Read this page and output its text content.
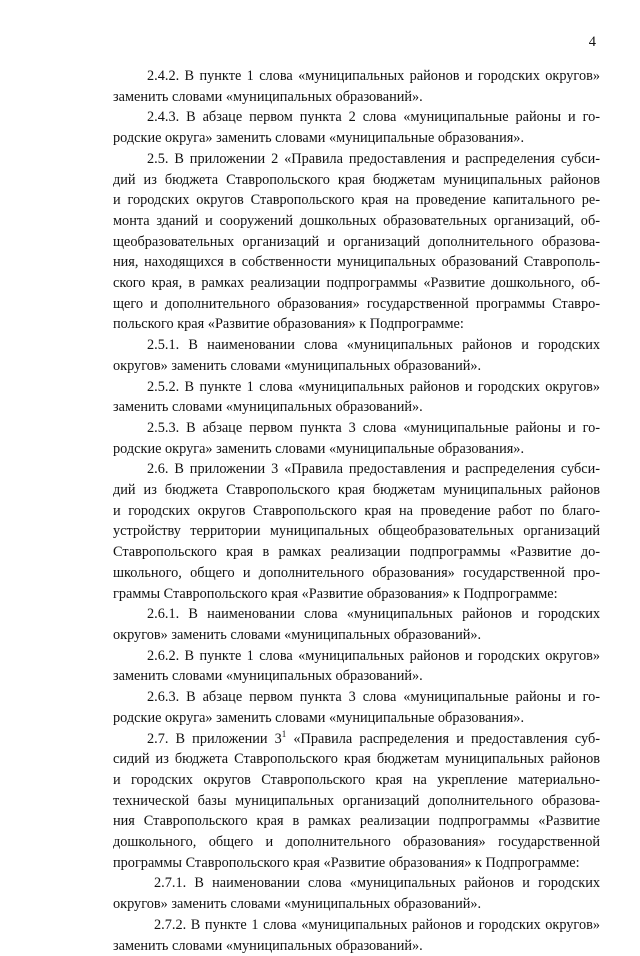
4
2.4.2. В пункте 1 слова «муниципальных районов и городских округов»
заменить словами «муниципальных образований».
2.4.3. В абзаце первом пункта 2 слова «муниципальные районы и го-
родские округа» заменить словами «муниципальные образования».
2.5. В приложении 2 «Правила предоставления и распределения субси-
дий из бюджета Ставропольского края бюджетам муниципальных районов
и городских округов Ставропольского края на проведение капитального ре-
монта зданий и сооружений дошкольных образовательных организаций, об-
щеобразовательных организаций и организаций дополнительного образова-
ния, находящихся в собственности муниципальных образований Ставрополь-
ского края, в рамках реализации подпрограммы «Развитие дошкольного, об-
щего и дополнительного образования» государственной программы Ставро-
польского края «Развитие образования» к Подпрограмме:
2.5.1. В наименовании слова «муниципальных районов и городских
округов» заменить словами «муниципальных образований».
2.5.2. В пункте 1 слова «муниципальных районов и городских округов»
заменить словами «муниципальных образований».
2.5.3. В абзаце первом пункта 3 слова «муниципальные районы и го-
родские округа» заменить словами «муниципальные образования».
2.6. В приложении 3 «Правила предоставления и распределения субси-
дий из бюджета Ставропольского края бюджетам муниципальных районов
и городских округов Ставропольского края на проведение работ по благо-
устройству территории муниципальных общеобразовательных организаций
Ставропольского края в рамках реализации подпрограммы «Развитие до-
школьного, общего и дополнительного образования» государственной про-
граммы Ставропольского края «Развитие образования» к Подпрограмме:
2.6.1. В наименовании слова «муниципальных районов и городских
округов» заменить словами «муниципальных образований».
2.6.2. В пункте 1 слова «муниципальных районов и городских округов»
заменить словами «муниципальных образований».
2.6.3. В абзаце первом пункта 3 слова «муниципальные районы и го-
родские округа» заменить словами «муниципальные образования».
2.7. В приложении $3^1$ «Правила распределения и предоставления суб-
сидий из бюджета Ставропольского края бюджетам муниципальных районов
и городских округов Ставропольского края на укрепление материально-
технической базы муниципальных организаций дополнительного образова-
ния Ставропольского края в рамках реализации подпрограммы «Развитие
дошкольного, общего и дополнительного образования» государственной
программы Ставропольского края «Развитие образования» к Подпрограмме:
2.7.1. В наименовании слова «муниципальных районов и городских
округов» заменить словами «муниципальных образований».
2.7.2. В пункте 1 слова «муниципальных районов и городских округов»
заменить словами «муниципальных образований».
